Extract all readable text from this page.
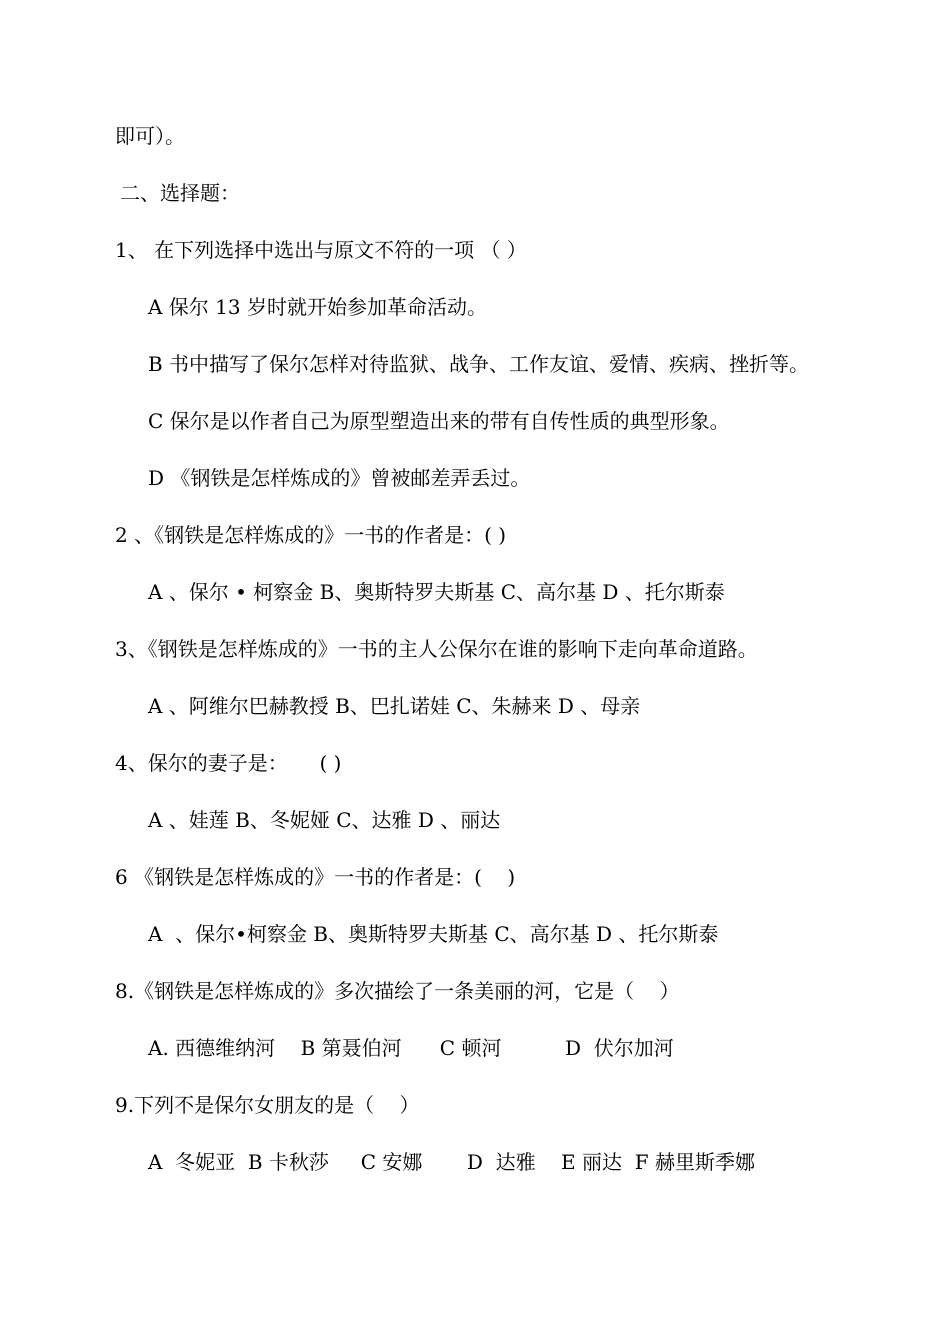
即可）。

二、选择题：

1、 在下列选择中选出与原文不符的一项 （ ）

A 保尔 13 岁时就开始参加革命活动。

B 书中描写了保尔怎样对待监狱、战争、工作友谊、爱情、疾病、挫折等。

C 保尔是以作者自己为原型塑造出来的带有自传性质的典型形象。

D 《钢铁是怎样炼成的》曾被邮差弄丢过。

2 、《钢铁是怎样炼成的》一书的作者是：( )

A 、保尔 • 柯察金 B、奥斯特罗夫斯基 C、高尔基 D 、托尔斯泰

3、《钢铁是怎样炼成的》一书的主人公保尔在谁的影响下走向革命道路。

A 、阿维尔巴赫教授 B、巴扎诺娃 C、朱赫来 D 、母亲

4、保尔的妻子是：     ( )

A 、娃莲 B、冬妮娅 C、达雅 D 、丽达

6 《钢铁是怎样炼成的》一书的作者是：(    )

A  、保尔•柯察金 B、奥斯特罗夫斯基 C、高尔基 D 、托尔斯泰

8.《钢铁是怎样炼成的》多次描绘了一条美丽的河，它是（    ）

A. 西德维纳河    B 第聂伯河      C 顿河          D  伏尔加河

9.下列不是保尔女朋友的是（    ）

A  冬妮亚  B 卡秋莎     C 安娜       D  达雅    E 丽达  F 赫里斯季娜
